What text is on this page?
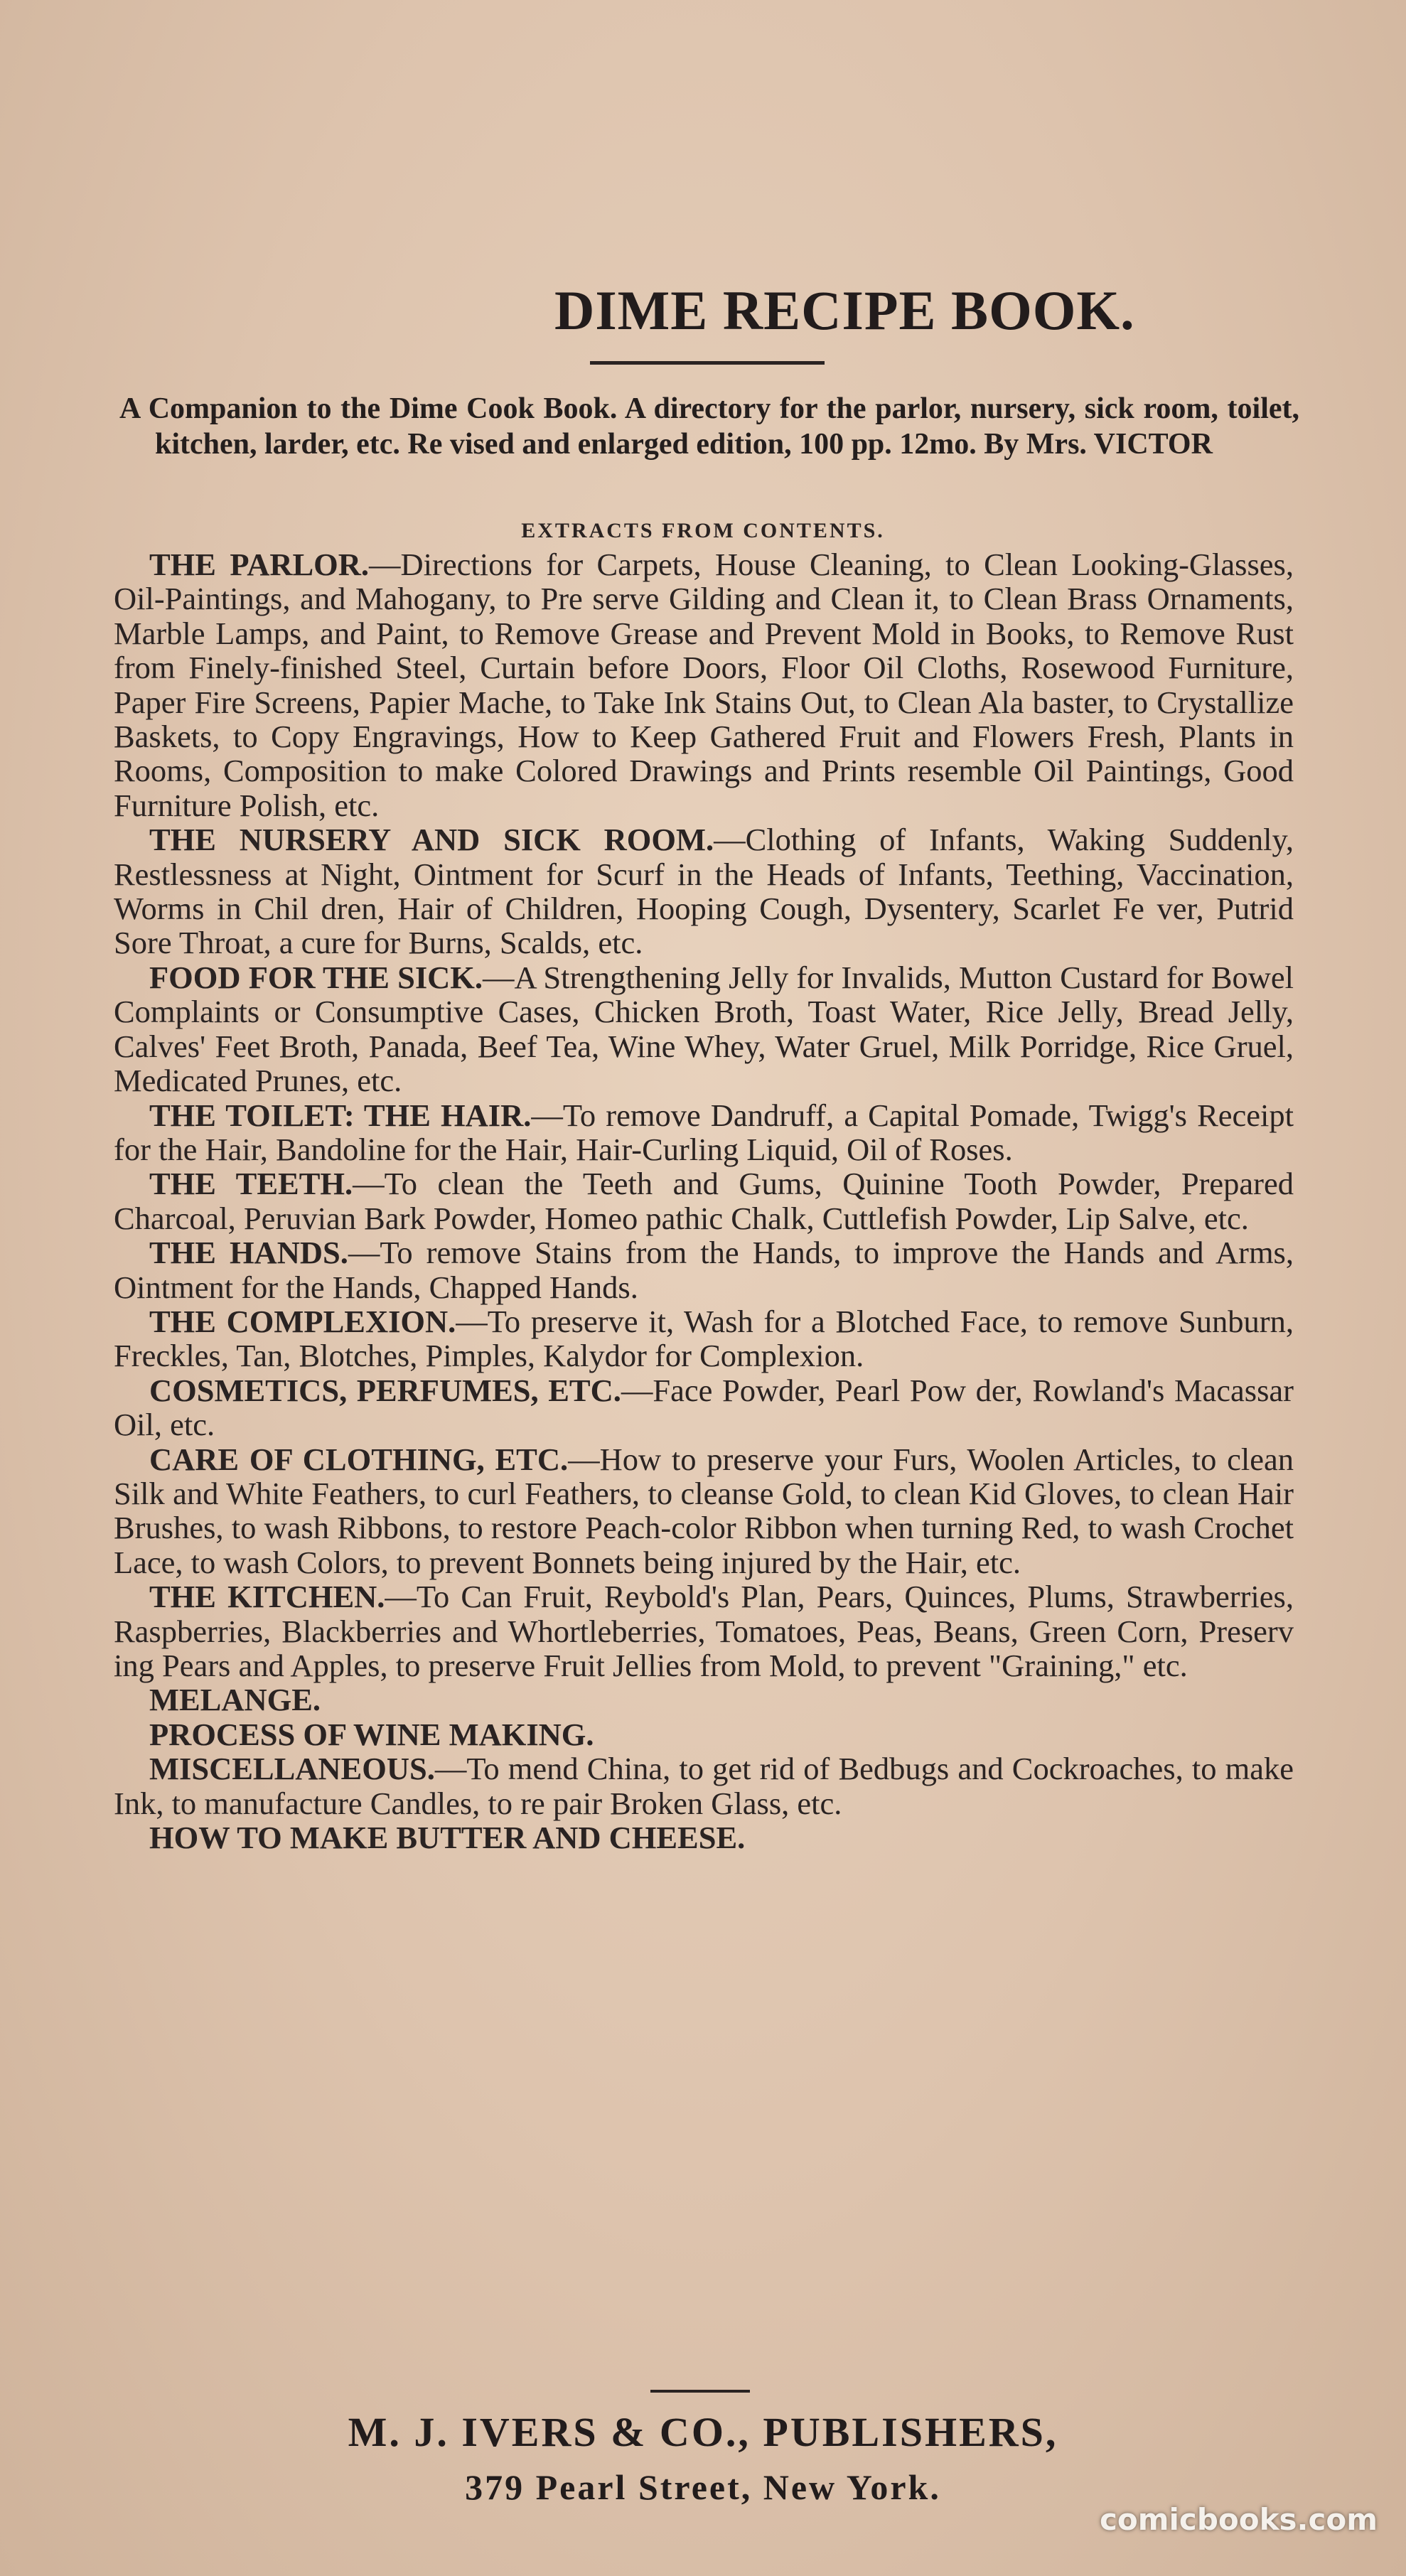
DIME RECIPE BOOK.

A Companion to the Dime Cook Book. A directory for the parlor, nursery, sick room, toilet, kitchen, larder, etc. Re vised and enlarged edition, 100 pp. 12mo. By Mrs. VICTOR

EXTRACTS FROM CONTENTS.

THE PARLOR.—Directions for Carpets, House Cleaning, to Clean Looking-Glasses, Oil-Paintings, and Mahogany, to Pre serve Gilding and Clean it, to Clean Brass Ornaments, Marble Lamps, and Paint, to Remove Grease and Prevent Mold in Books, to Remove Rust from Finely-finished Steel, Curtain before Doors, Floor Oil Cloths, Rosewood Furniture, Paper Fire Screens, Papier Mache, to Take Ink Stains Out, to Clean Ala baster, to Crystallize Baskets, to Copy Engravings, How to Keep Gathered Fruit and Flowers Fresh, Plants in Rooms, Composition to make Colored Drawings and Prints resemble Oil Paintings, Good Furniture Polish, etc.

THE NURSERY AND SICK ROOM.—Clothing of Infants, Waking Suddenly, Restlessness at Night, Ointment for Scurf in the Heads of Infants, Teething, Vaccination, Worms in Chil dren, Hair of Children, Hooping Cough, Dysentery, Scarlet Fe ver, Putrid Sore Throat, a cure for Burns, Scalds, etc.

FOOD FOR THE SICK.—A Strengthening Jelly for Invalids, Mutton Custard for Bowel Complaints or Consumptive Cases, Chicken Broth, Toast Water, Rice Jelly, Bread Jelly, Calves' Feet Broth, Panada, Beef Tea, Wine Whey, Water Gruel, Milk Porridge, Rice Gruel, Medicated Prunes, etc.

THE TOILET: THE HAIR.—To remove Dandruff, a Capital Pomade, Twigg's Receipt for the Hair, Bandoline for the Hair, Hair-Curling Liquid, Oil of Roses.

THE TEETH.—To clean the Teeth and Gums, Quinine Tooth Powder, Prepared Charcoal, Peruvian Bark Powder, Homeo pathic Chalk, Cuttlefish Powder, Lip Salve, etc.

THE HANDS.—To remove Stains from the Hands, to improve the Hands and Arms, Ointment for the Hands, Chapped Hands.

THE COMPLEXION.—To preserve it, Wash for a Blotched Face, to remove Sunburn, Freckles, Tan, Blotches, Pimples, Kalydor for Complexion.

COSMETICS, PERFUMES, ETC.—Face Powder, Pearl Pow der, Rowland's Macassar Oil, etc.

CARE OF CLOTHING, ETC.—How to preserve your Furs, Woolen Articles, to clean Silk and White Feathers, to curl Feathers, to cleanse Gold, to clean Kid Gloves, to clean Hair Brushes, to wash Ribbons, to restore Peach-color Ribbon when turning Red, to wash Crochet Lace, to wash Colors, to prevent Bonnets being injured by the Hair, etc.

THE KITCHEN.—To Can Fruit, Reybold's Plan, Pears, Quinces, Plums, Strawberries, Raspberries, Blackberries and Whortleberries, Tomatoes, Peas, Beans, Green Corn, Preserv ing Pears and Apples, to preserve Fruit Jellies from Mold, to prevent "Graining," etc.

MELANGE.

PROCESS OF WINE MAKING.

MISCELLANEOUS.—To mend China, to get rid of Bedbugs and Cockroaches, to make Ink, to manufacture Candles, to re pair Broken Glass, etc.

HOW TO MAKE BUTTER AND CHEESE.

M. J. IVERS & CO., PUBLISHERS,
379 Pearl Street, New York.
comicbooks.com
